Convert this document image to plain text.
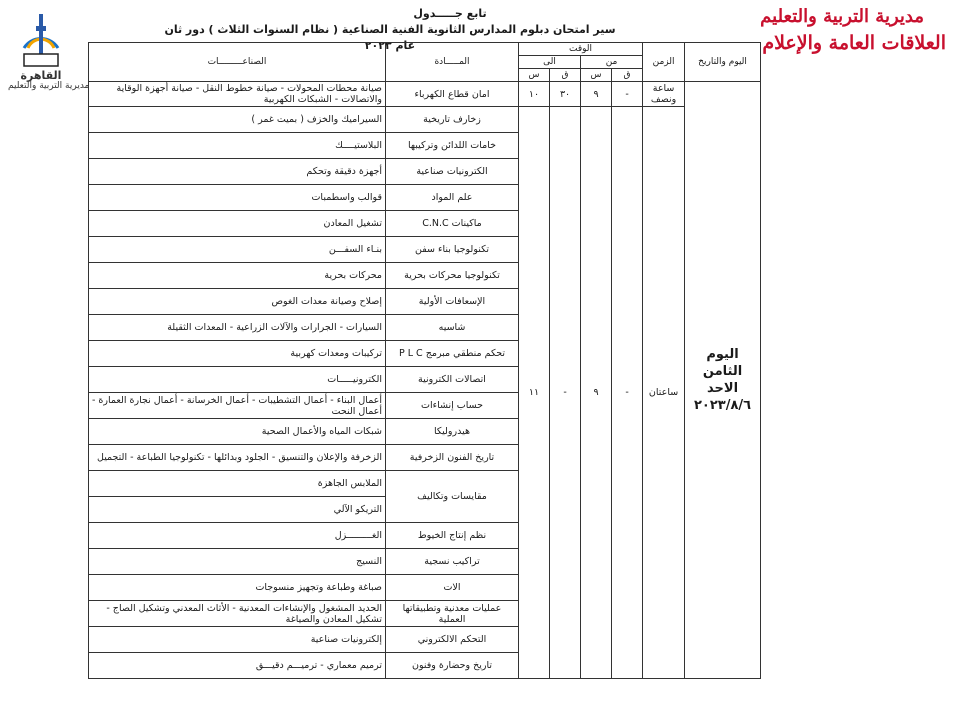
القاهرة
مديرية التربية والتعليم
مديرية التربية والتعليم
العلاقات العامة والإعلام
تابع جـــــدول
سير امتحان دبلوم المدارس الثانوية الفنية الصناعية ( نظام السنوات الثلاث ) دور ثان عام ٢٠٢٣
اليوم والتاريخ	الزمن	الوقت				المـــــادة	الصناعـــــــــات
		من		الى			
		ق	س	ق	س		

اليوم
الثامن
الاحد
٢٠٢٣/٨/٦	ساعة ونصف	-	٩	٣٠	١٠	امان قطاع الكهرباء	صيانة محطات المحولات - صيانة خطوط النقل - صيانة أجهزة الوقاية والاتصالات - الشبكات الكهربية
	ساعتان	-	٩	-	١١	زخارف تاريخية	السيراميك والخزف ( بميت غمر )
						خامات اللدائن وتركيبها	البلاستيــــك
						الكترونيات صناعية	أجهزة دقيقة وتحكم
						علم المواد	قوالب واسطمبات
						ماكينات C.N.C	تشغيل المعادن
						تكنولوجيا بناء سفن	بنـاء السفـــن
						تكنولوجيا محركات بحرية	محركات بحرية
						الإسعافات الأولية	إصلاح وصيانة معدات الغوص
						شاسيه	السيارات - الجرارات والآلات الزراعية - المعدات الثقيلة
						تحكم منطقي مبرمج P L C	تركيبات ومعدات كهربية
						اتصالات الكترونية	الكترونيـــــات
						حساب إنشاءات	أعمال البناء - أعمال التشطيبات - أعمال الخرسانة - أعمال نجارة العمارة - أعمال النحت
						هيدروليكا	شبكات المياه والأعمال الصحية
						تاريخ الفنون الزخرفية	الزخرفة والإعلان والتنسيق - الجلود وبدائلها - تكنولوجيا الطباعة - التجميل
						مقايسات وتكاليف	الملابس الجاهزة
							التريكو الآلي
						نظم إنتاج الخيوط	الغـــــــــزل
						تراكيب نسجية	النسيج
						الات	صباغة وطباعة وتجهيز منسوجات
						عمليات معدنية وتطبيقاتها العملية	الحديد المشغول والإنشاءات المعدنية - الأثاث المعدني وتشكيل الصاج - تشكيل المعادن والصياغة
						التحكم الالكتروني	إلكترونيات صناعية
						تاريخ وحضارة وفنون	ترميم معماري - ترميـــم دقيـــق
